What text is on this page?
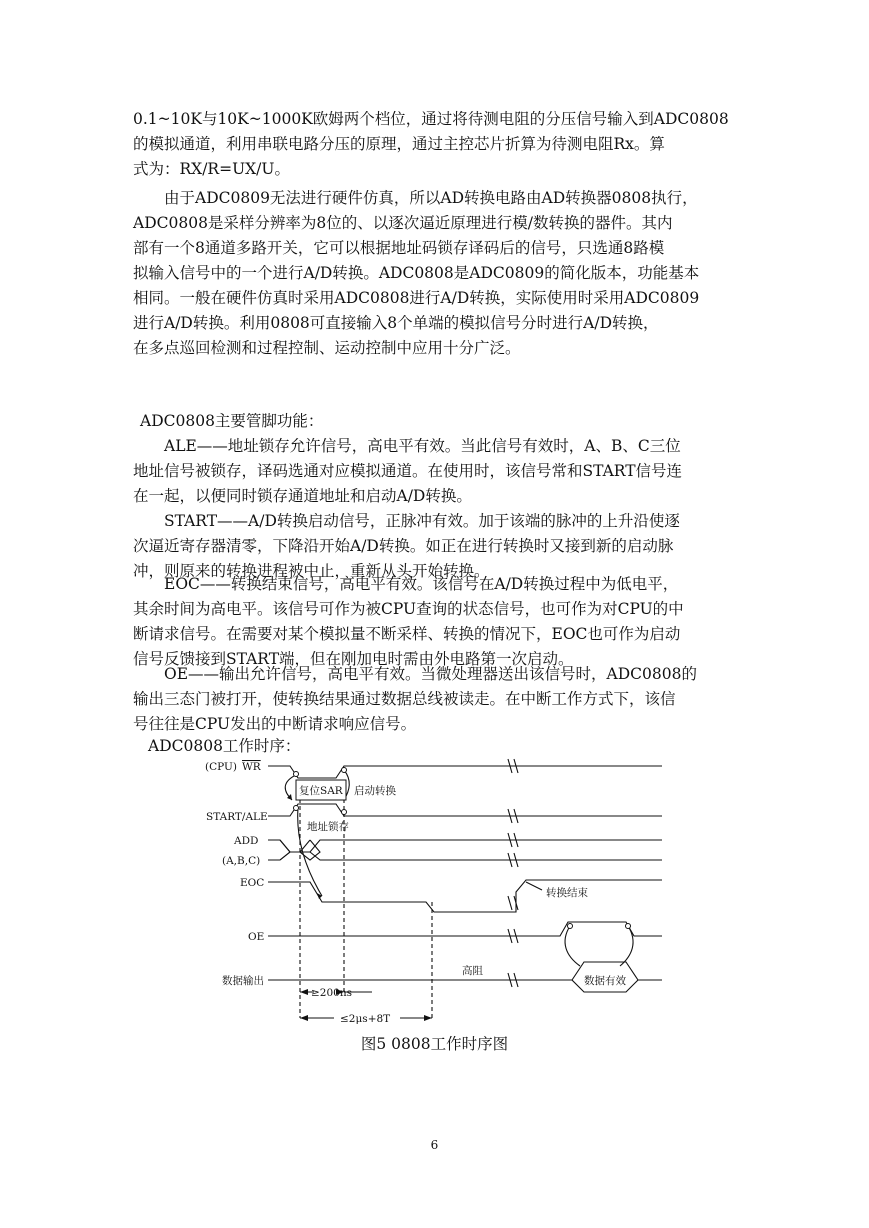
0.1~10K与10K~1000K欧姆两个档位，通过将待测电阻的分压信号输入到ADC0808
的模拟通道，利用串联电路分压的原理，通过主控芯片折算为待测电阻Rx。算
式为：RX/R=UX/U。
由于ADC0809无法进行硬件仿真，所以AD转换电路由AD转换器0808执行，
ADC0808是采样分辨率为8位的、以逐次逼近原理进行模/数转换的器件。其内
部有一个8通道多路开关，它可以根据地址码锁存译码后的信号，只选通8路模
拟输入信号中的一个进行A/D转换。ADC0808是ADC0809的简化版本，功能基本
相同。一般在硬件仿真时采用ADC0808进行A/D转换，实际使用时采用ADC0809
进行A/D转换。利用0808可直接输入8个单端的模拟信号分时进行A/D转换，
在多点巡回检测和过程控制、运动控制中应用十分广泛。
ADC0808主要管脚功能：
ALE——地址锁存允许信号，高电平有效。当此信号有效时，A、B、C三位
地址信号被锁存，译码选通对应模拟通道。在使用时，该信号常和START信号连
在一起，以便同时锁存通道地址和启动A/D转换。
START——A/D转换启动信号，正脉冲有效。加于该端的脉冲的上升沿使逐
次逼近寄存器清零，下降沿开始A/D转换。如正在进行转换时又接到新的启动脉
冲，则原来的转换进程被中止，重新从头开始转换。
EOC——转换结束信号，高电平有效。该信号在A/D转换过程中为低电平，
其余时间为高电平。该信号可作为被CPU查询的状态信号，也可作为对CPU的中
断请求信号。在需要对某个模拟量不断采样、转换的情况下，EOC也可作为启动
信号反馈接到START端，但在刚加电时需由外电路第一次启动。
OE——输出允许信号，高电平有效。当微处理器送出该信号时，ADC0808的
输出三态门被打开，使转换结果通过数据总线被读走。在中断工作方式下，该信
号往往是CPU发出的中断请求响应信号。
ADC0808工作时序：
(CPU) WR
START/ALE
ADD
(A,B,C)
EOC
OE
数据输出
复位SAR 启动转换
地址锁存
转换结束
高阻
数据有效
≥200ns
≤2μs+8T
图5 0808工作时序图
6
